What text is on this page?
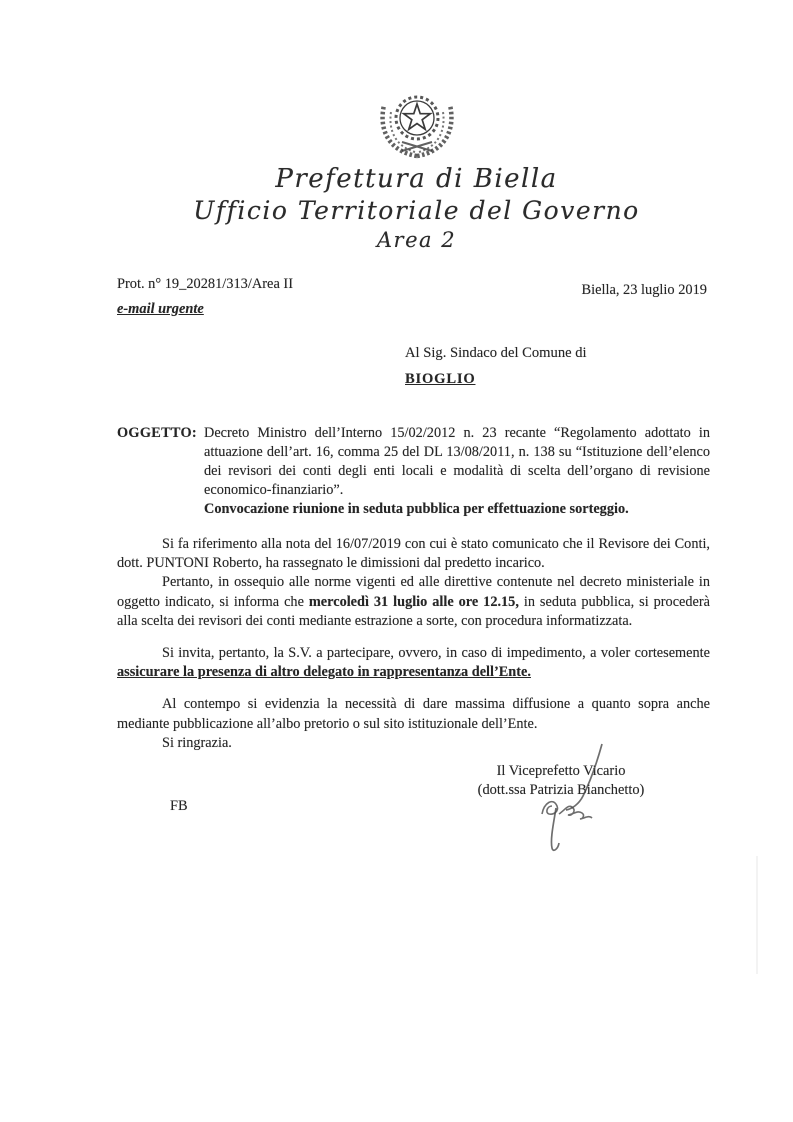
Prefettura di Biella
Ufficio Territoriale del Governo
Area 2
Prot. n° 19_20281/313/Area II	Biella, 23 luglio 2019
e-mail urgente
Al Sig. Sindaco del Comune di
BIOGLIO
OGGETTO: Decreto Ministro dell’Interno 15/02/2012 n. 23 recante “Regolamento adottato in attuazione dell’art. 16, comma 25 del DL 13/08/2011, n. 138 su “Istituzione dell’elenco dei revisori dei conti degli enti locali e modalità di scelta dell’organo di revisione economico-finanziario”.

Convocazione riunione in seduta pubblica per effettuazione sorteggio.

Si fa riferimento alla nota del 16/07/2019 con cui è stato comunicato che il Revisore dei Conti, dott. PUNTONI Roberto, ha rassegnato le dimissioni dal predetto incarico.

Pertanto, in ossequio alle norme vigenti ed alle direttive contenute nel decreto ministeriale in oggetto indicato, si informa che mercoledì 31 luglio alle ore 12.15, in seduta pubblica, si procederà alla scelta dei revisori dei conti mediante estrazione a sorte, con procedura informatizzata.

Si invita, pertanto, la S.V. a partecipare, ovvero, in caso di impedimento, a voler cortesemente assicurare la presenza di altro delegato in rappresentanza dell’Ente.

Al contempo si evidenzia la necessità di dare massima diffusione a quanto sopra anche mediante pubblicazione all’albo pretorio o sul sito istituzionale dell’Ente.

Si ringrazia.

Il Viceprefetto Vicario
(dott.ssa Patrizia Bianchetto)
FB
